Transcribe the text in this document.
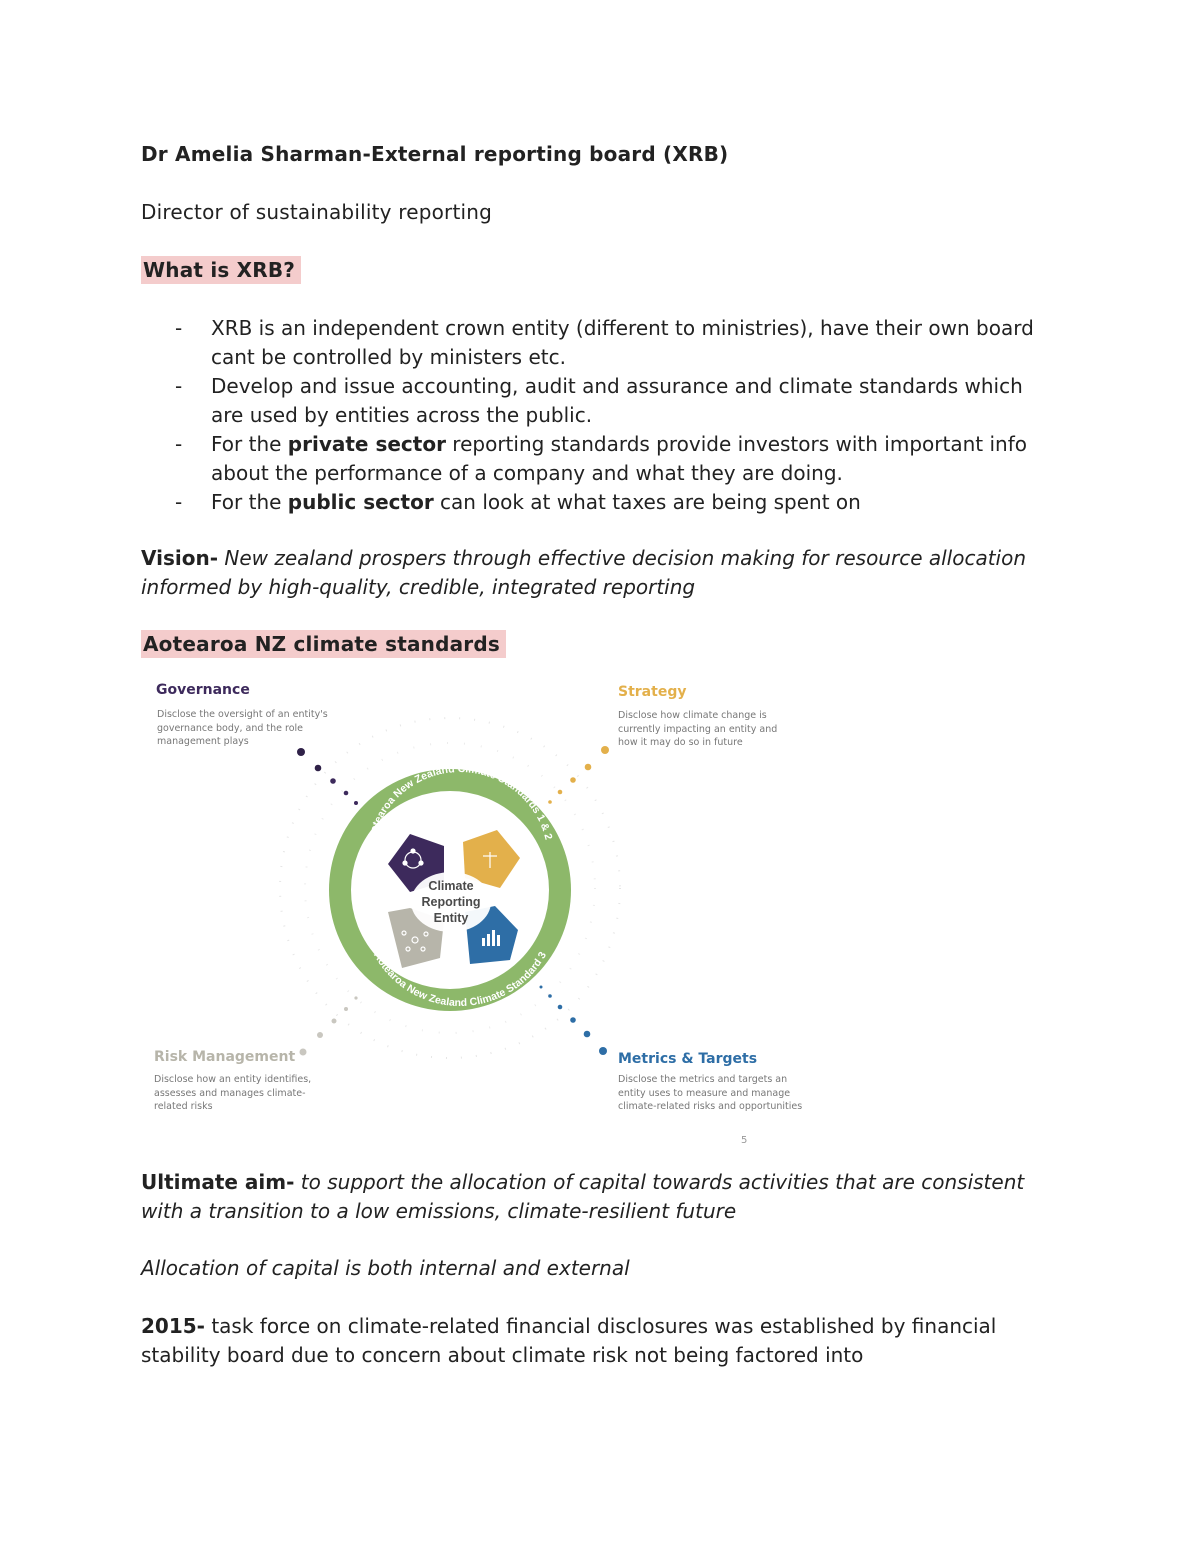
Dr Amelia Sharman-External reporting board (XRB)
Director of sustainability reporting
What is XRB?
- XRB is an independent crown entity (different to ministries), have their own board cant be controlled by ministers etc.
- Develop and issue accounting, audit and assurance and climate standards which are used by entities across the public.
- For the private sector reporting standards provide investors with important info about the performance of a company and what they are doing.
- For the public sector can look at what taxes are being spent on
Vision- New zealand prospers through effective decision making for resource allocation informed by high-quality, credible, integrated reporting
Aotearoa NZ climate standards
Aotearoa New Zealand Climate Standards 1 & 2
Aotearoa New Zealand Climate Standard 3
Climate
Reporting
Entity
Governance
Disclose the oversight of an entity's governance body, and the role management plays
Strategy
Disclose how climate change is currently impacting an entity and how it may do so in future
Risk Management
Disclose how an entity identifies, assesses and manages climate-related risks
Metrics & Targets
Disclose the metrics and targets an entity uses to measure and manage climate-related risks and opportunities
5
Ultimate aim- to support the allocation of capital towards activities that are consistent with a transition to a low emissions, climate-resilient future
Allocation of capital is both internal and external
2015- task force on climate-related financial disclosures was established by financial stability board due to concern about climate risk not being factored into
